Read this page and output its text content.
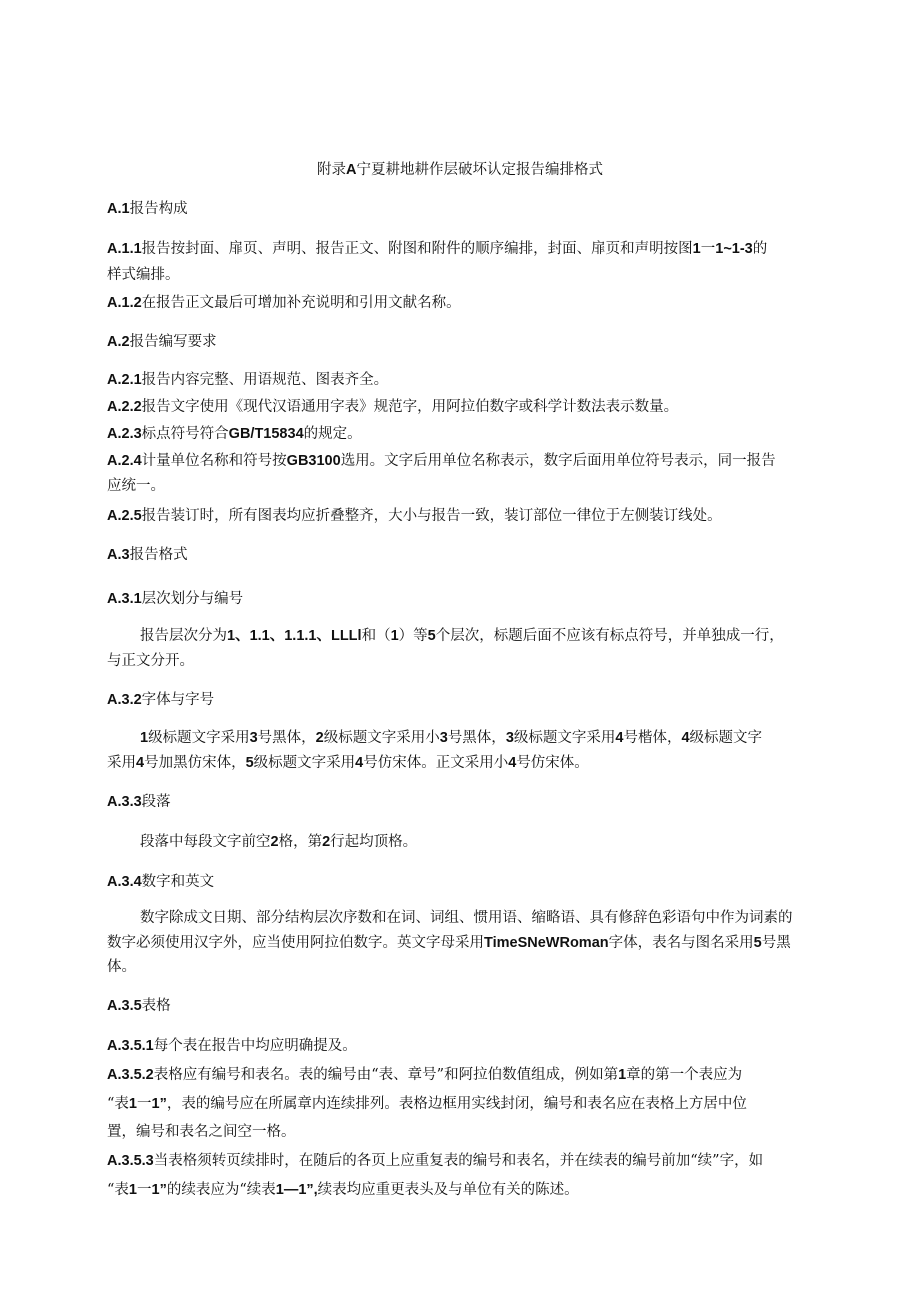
附录A宁夏耕地耕作层破坏认定报告编排格式
A.1报告构成
A.1.1报告按封面、扉页、声明、报告正文、附图和附件的顺序编排，封面、扉页和声明按图1一1~1-3的
样式编排。
A.1.2在报告正文最后可增加补充说明和引用文献名称。
A.2报告编写要求
A.2.1报告内容完整、用语规范、图表齐全。
A.2.2报告文字使用《现代汉语通用字表》规范字，用阿拉伯数字或科学计数法表示数量。
A.2.3标点符号符合GB/T15834的规定。
A.2.4计量单位名称和符号按GB3100选用。文字后用单位名称表示，数字后面用单位符号表示，同一报告
应统一。
A.2.5报告装订时，所有图表均应折叠整齐，大小与报告一致，装订部位一律位于左侧装订线处。
A.3报告格式
A.3.1层次划分与编号
报告层次分为1、1.1、1.1.1、LLLl和（1）等5个层次，标题后面不应该有标点符号，并单独成一行，
与正文分开。
A.3.2字体与字号
1级标题文字采用3号黑体，2级标题文字采用小3号黑体，3级标题文字采用4号楷体，4级标题文字
采用4号加黑仿宋体，5级标题文字采用4号仿宋体。正文采用小4号仿宋体。
A.3.3段落
段落中每段文字前空2格，第2行起均顶格。
A.3.4数字和英文
数字除成文日期、部分结构层次序数和在词、词组、惯用语、缩略语、具有修辞色彩语句中作为词素的
数字必须使用汉字外，应当使用阿拉伯数字。英文字母采用TimeSNeWRoman字体，表名与图名采用5号黑
体。
A.3.5表格
A.3.5.1每个表在报告中均应明确提及。
A.3.5.2表格应有编号和表名。表的编号由“表、章号”和阿拉伯数值组成，例如第1章的第一个表应为
“表1一1”，表的编号应在所属章内连续排列。表格边框用实线封闭，编号和表名应在表格上方居中位
置，编号和表名之间空一格。
A.3.5.3当表格须转页续排时，在随后的各页上应重复表的编号和表名，并在续表的编号前加“续”字，如
“表1一1”的续表应为“续表1—1”,续表均应重更表头及与单位有关的陈述。
